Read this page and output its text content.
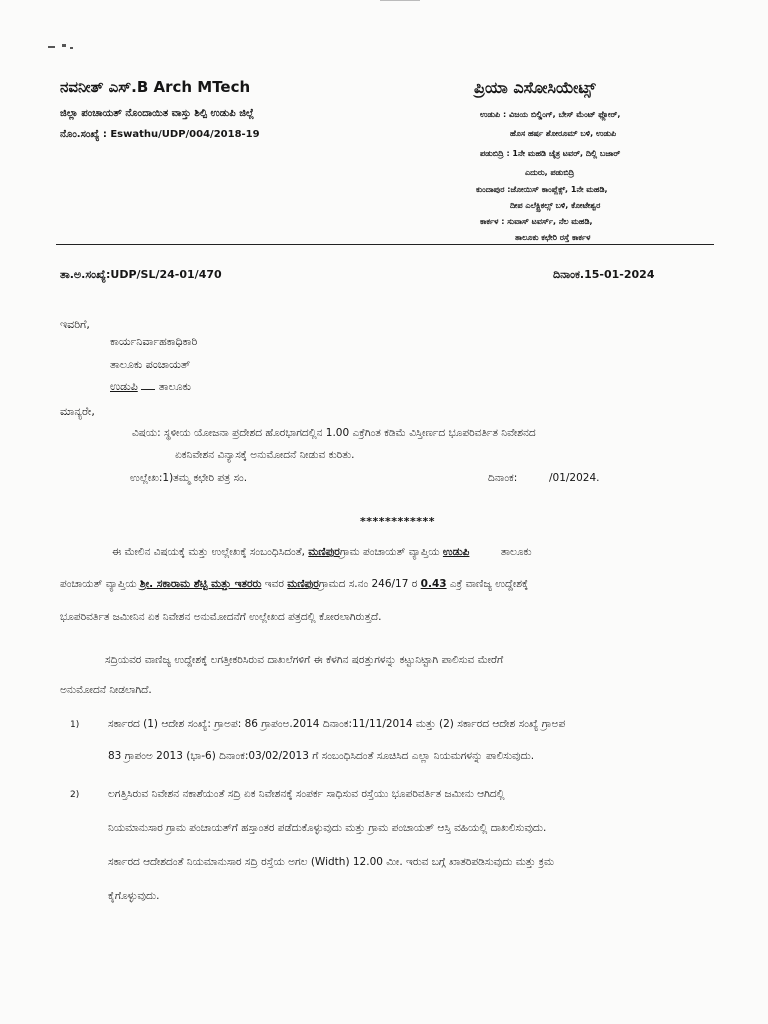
ನವನೀತ್ ಎಸ್.B Arch MTech
ಜಿಲ್ಲಾ ಪಂಚಾಯತ್ ನೊಂದಾಯಿತ ವಾಸ್ತು ಶಿಲ್ಪಿ ಉಡುಪಿ ಜಿಲ್ಲೆ
ನೊಂ.ಸಂಖ್ಯೆ : Eswathu/UDP/004/2018-19
ಪ್ರಿಯಾ ಎಸೋಸಿಯೇಟ್ಸ್
ಉಡುಪಿ : ವಿಜಯ ಬಿಲ್ಡಿಂಗ್, ಬೇಸ್ ಮೆಂಟ್ ಫ್ಲೋರ್,
ಹೊಸ ಹರ್ಷ ಶೋರೂಮ್ ಬಳಿ, ಉಡುಪಿ
ಪಡುಬಿದ್ರಿ : 1ನೇ ಮಹಡಿ ಚೈತ್ರ ಟವರ್, ದಿಲ್ಲಿ ಬಜಾರ್
ಎದುರು, ಪಡುಬಿದ್ರಿ
ಕುಂದಾಪುರ :ಜೋಯಿಸ್ ಕಾಂಪ್ಲೆಕ್ಸ್, 1ನೇ ಮಹಡಿ,
ದೀಪ ಎಲೆಕ್ಟ್ರಿಕಲ್ಸ್ ಬಳಿ, ಕೋಟೇಶ್ವರ
ಕಾರ್ಕಳ : ಸುವಾಸ್ ಟವರ್ಸ್, ನೆಲ ಮಹಡಿ,
ತಾಲೂಕು ಕಛೇರಿ ರಸ್ತೆ ಕಾರ್ಕಳ
ತಾ.ಅ.ಸಂಖ್ಯೆ:UDP/SL/24-01/470	ದಿನಾಂಕ.15-01-2024
ಇವರಿಗೆ,
ಕಾರ್ಯನಿರ್ವಾಹಕಾಧಿಕಾರಿ
ತಾಲೂಕು ಪಂಚಾಯತ್
ಉಡುಪಿ ತಾಲೂಕು
ಮಾನ್ಯರೇ,
ವಿಷಯ: ಸ್ಥಳೀಯ ಯೋಜನಾ ಪ್ರದೇಶದ ಹೊರಭಾಗದಲ್ಲಿನ 1.00 ಎಕ್ರೆಗಿಂತ ಕಡಿಮೆ ವಿಸ್ತೀರ್ಣದ ಭೂಪರಿವರ್ತಿತ ನಿವೇಶನದ
ಏಕನಿವೇಶನ ವಿನ್ಯಾಸಕ್ಕೆ ಅನುಮೋದನೆ ನೀಡುವ ಕುರಿತು.
ಉಲ್ಲೇಖ:1)ತಮ್ಮ ಕಛೇರಿ ಪತ್ರ ಸಂ.	ದಿನಾಂಕ:	/01/2024.
************
ಈ ಮೇಲಿನ ವಿಷಯಕ್ಕೆ ಮತ್ತು ಉಲ್ಲೇಖಕ್ಕೆ ಸಂಬಂಧಿಸಿದಂತೆ, ಮಣಿಪುರಗ್ರಾಮ ಪಂಚಾಯತ್ ವ್ಯಾಪ್ತಿಯ ಉಡುಪಿ	ತಾಲೂಕು
ಪಂಚಾಯತ್ ವ್ಯಾಪ್ತಿಯ ಶ್ರೀ. ಸಕಾರಾಮ ಶೆಟ್ಟಿ ಮತ್ತು ಇತರರು ಇವರ ಮಣಿಪುರಗ್ರಾಮದ ಸ.ನಂ 246/17 ರ 0.43 ಎಕ್ರೆ ವಾಣಿಜ್ಯ ಉದ್ದೇಶಕ್ಕೆ
ಭೂಪರಿವರ್ತಿತ ಜಮೀನಿನ ಏಕ ನಿವೇಶನ ಅನುಮೋದನೆಗೆ ಉಲ್ಲೇಖದ ಪತ್ರದಲ್ಲಿ ಕೋರಲಾಗಿರುತ್ತದೆ.
ಸದ್ರಿಯವರ ವಾಣಿಜ್ಯ ಉದ್ದೇಶಕ್ಕೆ ಲಗತ್ತೀಕರಿಸಿರುವ ದಾಖಲೆಗಳಿಗೆ ಈ ಕೆಳಗಿನ ಷರತ್ತುಗಳನ್ನು ಕಟ್ಟುನಿಟ್ಟಾಗಿ ಪಾಲಿಸುವ ಮೇರೆಗೆ
ಅನುಮೋದನೆ ನೀಡಲಾಗಿದೆ.
1)	ಸರ್ಕಾರದ (1) ಆದೇಶ ಸಂಖ್ಯೆ: ಗ್ರಾಅಪ: 86 ಗ್ರಾಪಂಅ.2014 ದಿನಾಂಕ:11/11/2014 ಮತ್ತು (2) ಸರ್ಕಾರದ ಆದೇಶ ಸಂಖ್ಯೆ ಗ್ರಾಅಪ
83 ಗ್ರಾಪಂಅ 2013 (ಭಾ-6) ದಿನಾಂಕ:03/02/2013 ಗೆ ಸಂಬಂಧಿಸಿದಂತೆ ಸೂಚಿಸಿದ ಎಲ್ಲಾ ನಿಯಮಗಳನ್ನು ಪಾಲಿಸುವುದು.
2)	ಲಗತ್ತಿಸಿರುವ ನಿವೇಶನ ನಕಾಶೆಯಂತೆ ಸದ್ರಿ ಏಕ ನಿವೇಶನಕ್ಕೆ ಸಂಪರ್ಕ ಸಾಧಿಸುವ ರಸ್ತೆಯು ಭೂಪರಿವರ್ತಿತ ಜಮೀನು ಆಗಿದಲ್ಲಿ
ನಿಯಮಾನುಸಾರ ಗ್ರಾಮ ಪಂಚಾಯತ್‌ಗೆ ಹಸ್ತಾಂತರ ಪಡೆದುಕೊಳ್ಳುವುದು ಮತ್ತು ಗ್ರಾಮ ಪಂಚಾಯತ್ ಆಸ್ತಿ ವಹಿಯಲ್ಲಿ ದಾಖಲಿಸುವುದು.
ಸರ್ಕಾರದ ಆದೇಶದಂತೆ ನಿಯಮಾನುಸಾರ ಸದ್ರಿ ರಸ್ತೆಯ ಅಗಲ (Width) 12.00 ಮೀ. ಇರುವ ಬಗ್ಗೆ ಖಾತರಿಪಡಿಸುವುದು ಮತ್ತು ಕ್ರಮ
ಕೈಗೊಳ್ಳುವುದು.
